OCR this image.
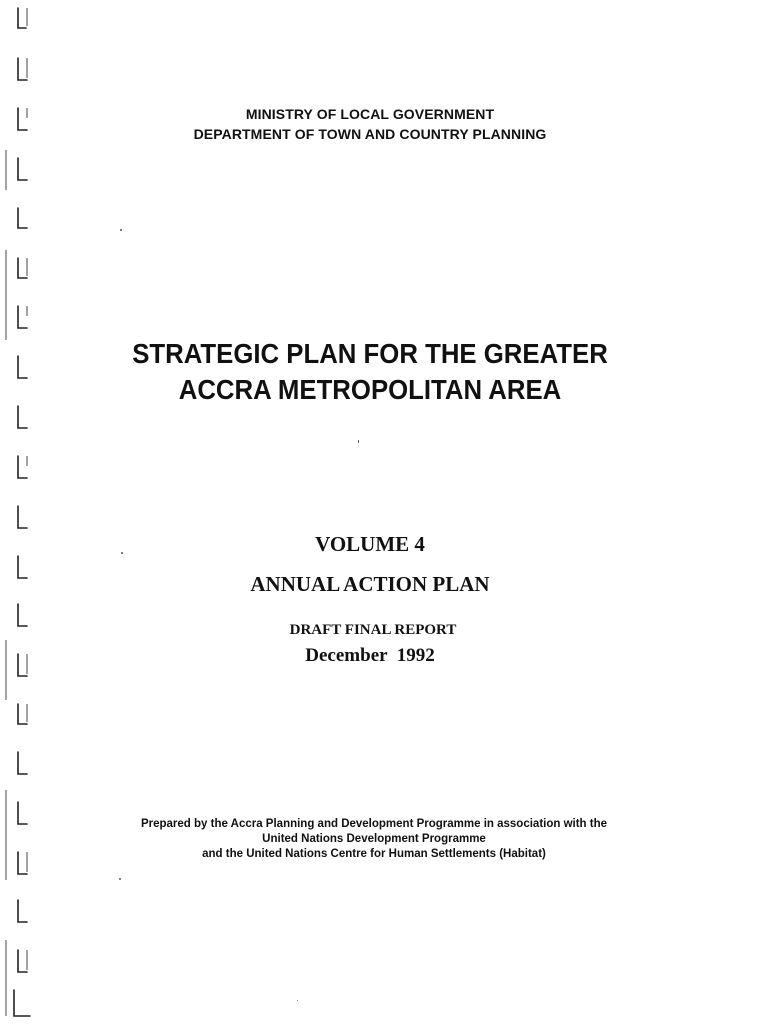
MINISTRY OF LOCAL GOVERNMENT
DEPARTMENT OF TOWN AND COUNTRY PLANNING
STRATEGIC PLAN FOR THE GREATER
ACCRA METROPOLITAN AREA
VOLUME 4
ANNUAL ACTION PLAN
DRAFT FINAL REPORT
December  1992
Prepared by the Accra Planning and Development Programme in association with the
United Nations Development Programme
and the United Nations Centre for Human Settlements (Habitat)
